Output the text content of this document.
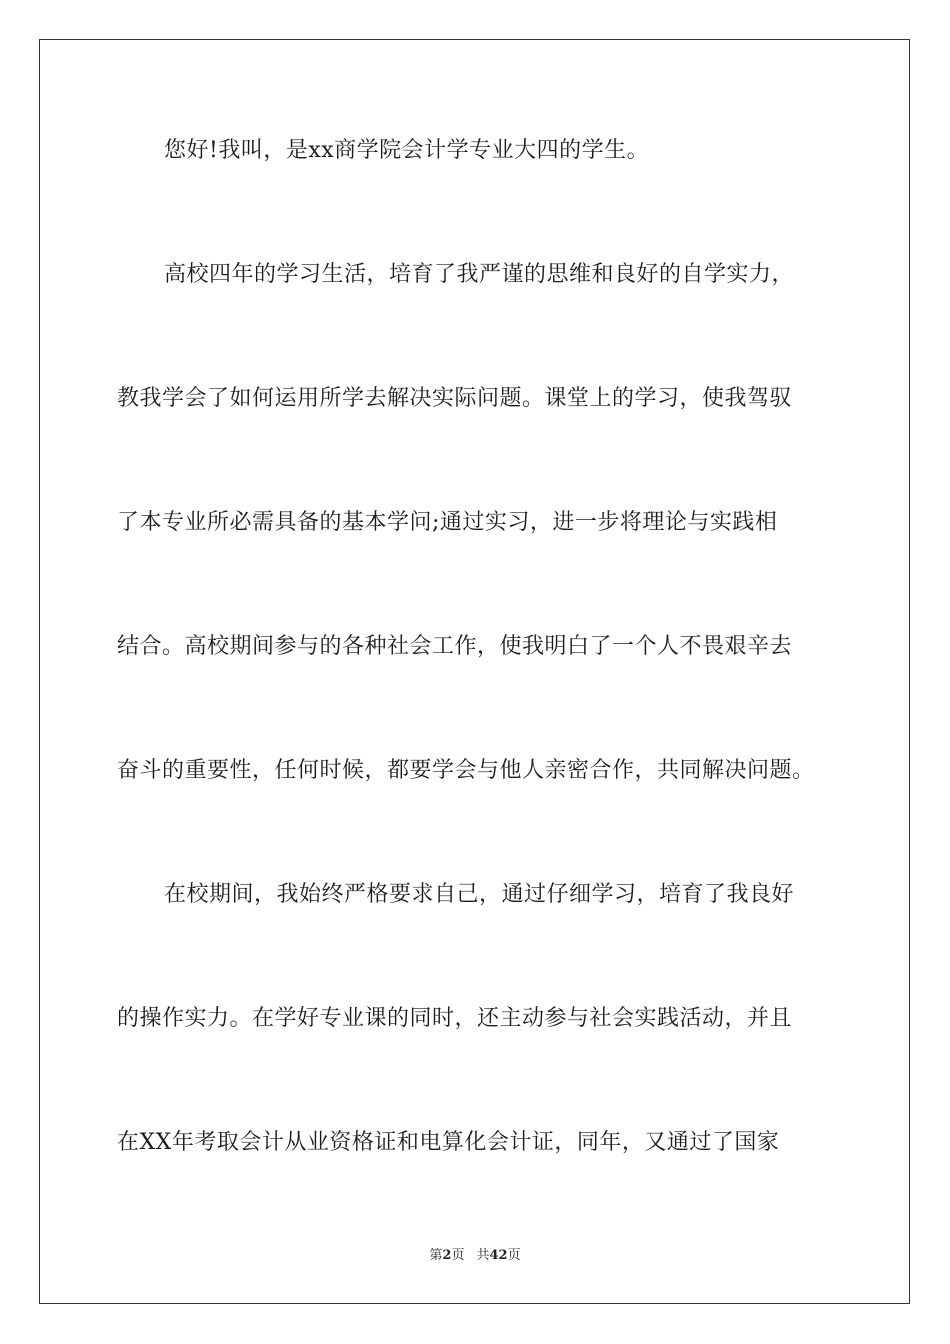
您好!我叫，是xx商学院会计学专业大四的学生。
高校四年的学习生活，培育了我严谨的思维和良好的自学实力，
教我学会了如何运用所学去解决实际问题。课堂上的学习，使我驾驭
了本专业所必需具备的基本学问;通过实习，进一步将理论与实践相
结合。高校期间参与的各种社会工作，使我明白了一个人不畏艰辛去
奋斗的重要性，任何时候，都要学会与他人亲密合作，共同解决问题。
在校期间，我始终严格要求自己，通过仔细学习，培育了我良好
的操作实力。在学好专业课的同时，还主动参与社会实践活动，并且
在XX年考取会计从业资格证和电算化会计证，同年，又通过了国家
第2页 共42页
